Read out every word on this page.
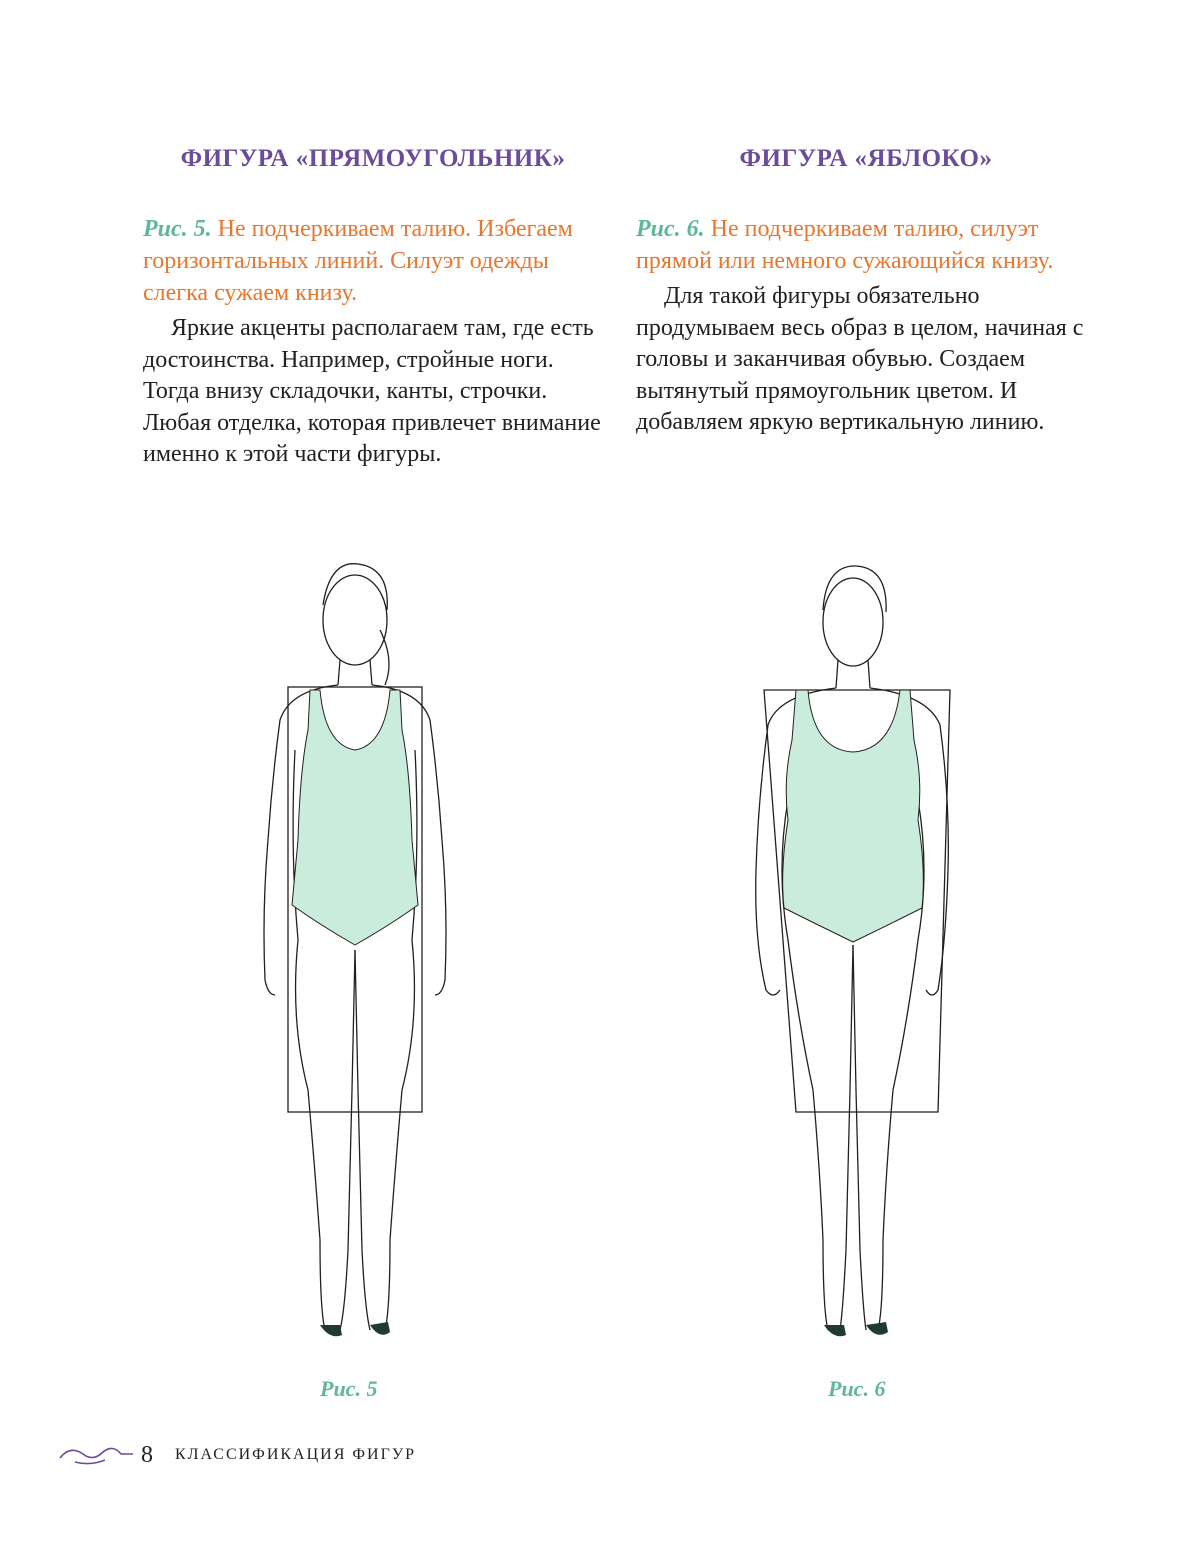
ФИГУРА «ПРЯМОУГОЛЬНИК»

Рис. 5. Не подчеркиваем талию. Избегаем горизонтальных линий. Силуэт одежды слегка сужаем книзу.

Яркие акценты располагаем там, где есть достоинства. Например, стройные ноги. Тогда внизу складочки, канты, строчки. Любая отделка, которая привлечет внимание именно к этой части фигуры.

ФИГУРА «ЯБЛОКО»

Рис. 6. Не подчеркиваем талию, силуэт прямой или немного сужающийся книзу.

Для такой фигуры обязательно продумываем весь образ в целом, начиная с головы и заканчивая обувью. Создаем вытянутый прямоугольник цветом. И добавляем яркую вертикальную линию.

Рис. 5	Рис. 6
8 КЛАССИФИКАЦИЯ ФИГУР
